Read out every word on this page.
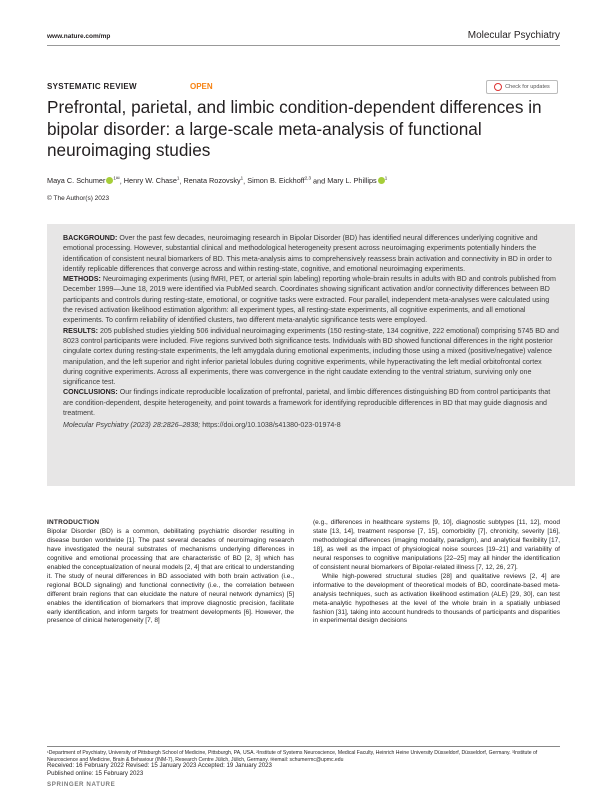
www.nature.com/mp	Molecular Psychiatry
SYSTEMATIC REVIEW	OPEN	Check for updates
Prefrontal, parietal, and limbic condition-dependent differences in bipolar disorder: a large-scale meta-analysis of functional neuroimaging studies
Maya C. Schumer $^{1✉}$, Henry W. Chase$^1$, Renata Rozovsky$^1$, Simon B. Eickhoff$^{2,3}$ and Mary L. Phillips $^1$
© The Author(s) 2023

BACKGROUND: Over the past few decades, neuroimaging research in Bipolar Disorder (BD) has identified neural differences underlying cognitive and emotional processing. However, substantial clinical and methodological heterogeneity present across neuroimaging experiments potentially hinders the identification of consistent neural biomarkers of BD. This meta-analysis aims to comprehensively reassess brain activation and connectivity in BD in order to identify replicable differences that converge across and within resting-state, cognitive, and emotional neuroimaging experiments.

METHODS: Neuroimaging experiments (using fMRI, PET, or arterial spin labeling) reporting whole-brain results in adults with BD and controls published from December 1999—June 18, 2019 were identified via PubMed search. Coordinates showing significant activation and/or connectivity differences between BD participants and controls during resting-state, emotional, or cognitive tasks were extracted. Four parallel, independent meta-analyses were calculated using the revised activation likelihood estimation algorithm: all experiment types, all resting-state experiments, all cognitive experiments, and all emotional experiments. To confirm reliability of identified clusters, two different meta-analytic significance tests were employed.

RESULTS: 205 published studies yielding 506 individual neuroimaging experiments (150 resting-state, 134 cognitive, 222 emotional) comprising 5745 BD and 8023 control participants were included. Five regions survived both significance tests. Individuals with BD showed functional differences in the right posterior cingulate cortex during resting-state experiments, the left amygdala during emotional experiments, including those using a mixed (positive/negative) valence manipulation, and the left superior and right inferior parietal lobules during cognitive experiments, while hyperactivating the left medial orbitofrontal cortex during cognitive experiments. Across all experiments, there was convergence in the right caudate extending to the ventral striatum, surviving only one significance test.

CONCLUSIONS: Our findings indicate reproducible localization of prefrontal, parietal, and limbic differences distinguishing BD from control participants that are condition-dependent, despite heterogeneity, and point towards a framework for identifying reproducible differences in BD that may guide diagnosis and treatment.

Molecular Psychiatry (2023) 28:2826–2838; https://doi.org/10.1038/s41380-023-01974-8

INTRODUCTION

Bipolar Disorder (BD) is a common, debilitating psychiatric disorder resulting in disease burden worldwide [1]. The past several decades of neuroimaging research have investigated the neural substrates of mechanisms underlying differences in cognitive and emotional processing that are characteristic of BD [2, 3] which has enabled the conceptualization of neural models [2, 4] that are critical to understanding it. The study of neural differences in BD associated with both brain activation (i.e., regional BOLD signaling) and functional connectivity (i.e., the correlation between different brain regions that can elucidate the nature of neural network dynamics) [5] enables the identification of biomarkers that improve diagnostic precision, facilitate early identification, and inform targets for treatment developments [6]. However, the presence of clinical heterogeneity [7, 8]

(e.g., differences in healthcare systems [9, 10], diagnostic subtypes [11, 12], mood state [13, 14], treatment response [7, 15], comorbidity [7], chronicity, severity [16], methodological differences (imaging modality, paradigm), and analytical flexibility [17, 18], as well as the impact of physiological noise sources [19–21] and variability of neural responses to cognitive manipulations [22–25] may all hinder the identification of consistent neural biomarkers of Bipolar-related illness [7, 12, 26, 27].

While high-powered structural studies [28] and qualitative reviews [2, 4] are informative to the development of theoretical models of BD, coordinate-based meta-analysis techniques, such as activation likelihood estimation (ALE) [29, 30], can test meta-analytic hypotheses at the level of the whole brain in a spatially unbiased fashion [31], taking into account hundreds to thousands of participants and disparities in experimental design decisions

¹Department of Psychiatry, University of Pittsburgh School of Medicine, Pittsburgh, PA, USA. ²Institute of Systems Neuroscience, Medical Faculty, Heinrich Heine University Düsseldorf, Düsseldorf, Germany. ³Institute of Neuroscience and Medicine, Brain & Behaviour (INM-7), Research Centre Jülich, Jülich, Germany. ✉email: schumermc@upmc.edu
Received: 16 February 2022 Revised: 15 January 2023 Accepted: 19 January 2023
Published online: 15 February 2023
SPRINGER NATURE
